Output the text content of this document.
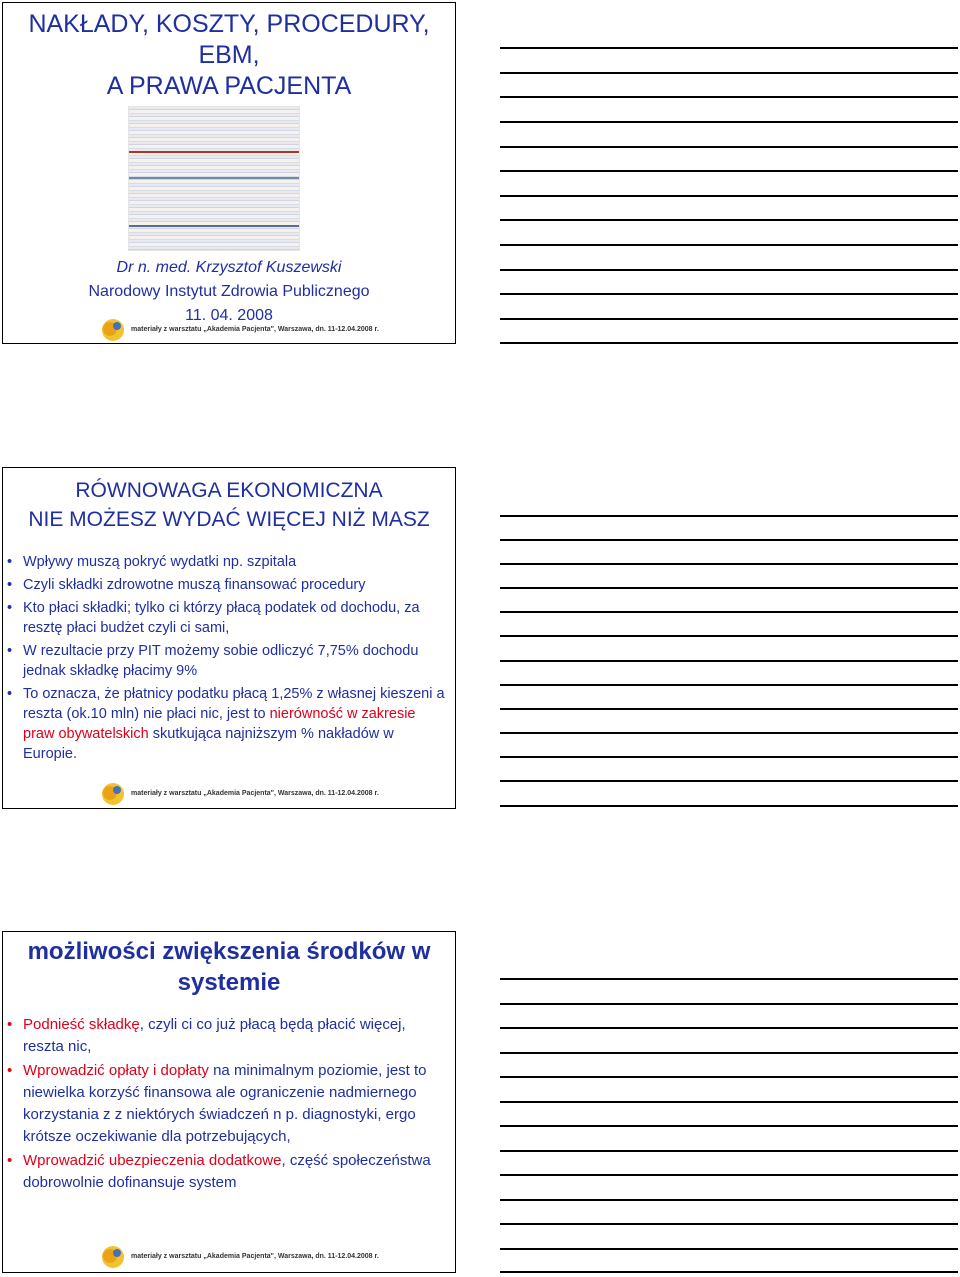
NAKŁADY, KOSZTY, PROCEDURY,
EBM,
A PRAWA PACJENTA
Dr n. med. Krzysztof Kuszewski
Narodowy Instytut Zdrowia Publicznego
11. 04. 2008
materiały z warsztatu „Akademia Pacjenta", Warszawa, dn. 11-12.04.2008 r.
RÓWNOWAGA EKONOMICZNA
NIE MOŻESZ WYDAĆ WIĘCEJ NIŻ MASZ
• Wpływy muszą pokryć wydatki np. szpitala
• Czyli składki zdrowotne muszą finansować procedury
• Kto płaci składki; tylko ci którzy płacą podatek od dochodu, za resztę płaci budżet czyli ci sami,
• W rezultacie przy PIT możemy sobie odliczyć 7,75% dochodu jednak składkę płacimy 9%
• To oznacza, że płatnicy podatku płacą 1,25% z własnej kieszeni a reszta (ok.10 mln) nie płaci nic, jest to nierówność w zakresie praw obywatelskich skutkująca najniższym % nakładów w Europie.
materiały z warsztatu „Akademia Pacjenta", Warszawa, dn. 11-12.04.2008 r.
możliwości zwiększenia środków w
systemie
• Podnieść składkę, czyli ci co już płacą będą płacić więcej, reszta nic,
• Wprowadzić opłaty i dopłaty na minimalnym poziomie, jest to niewielka korzyść finansowa ale ograniczenie nadmiernego korzystania z z niektórych świadczeń n p. diagnostyki, ergo krótsze oczekiwanie dla potrzebujących,
• Wprowadzić ubezpieczenia dodatkowe, część społeczeństwa dobrowolnie dofinansuje system
materiały z warsztatu „Akademia Pacjenta", Warszawa, dn. 11-12.04.2008 r.
